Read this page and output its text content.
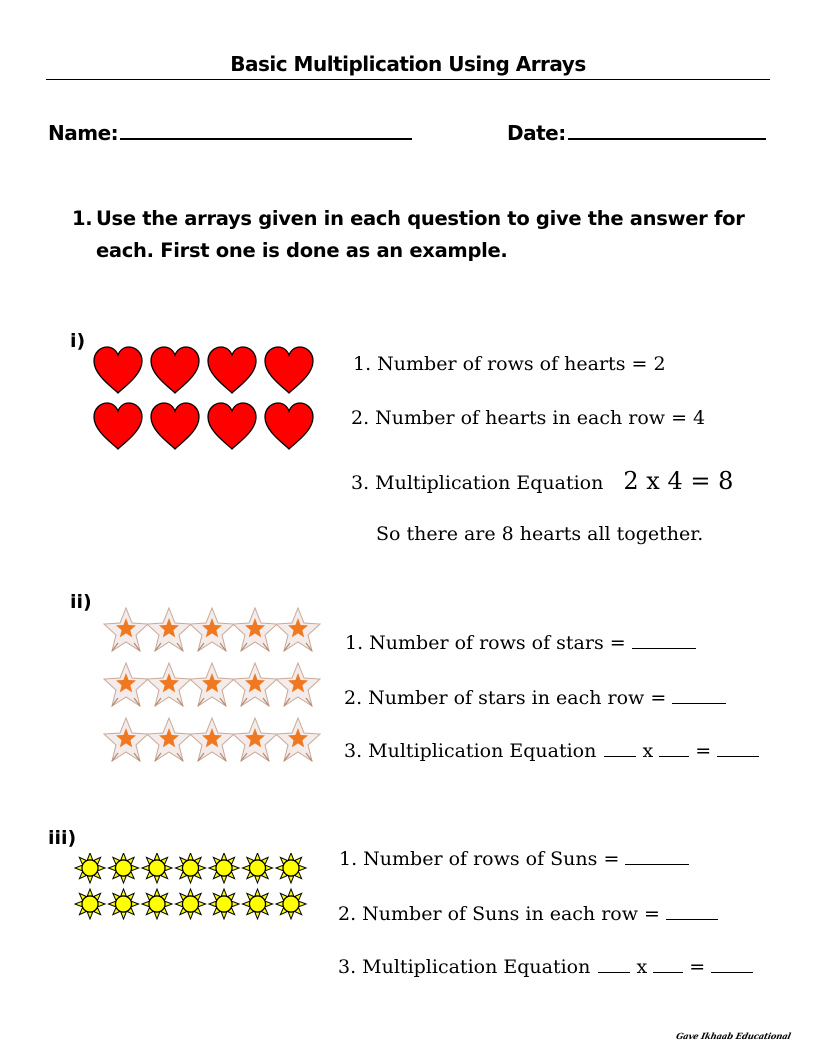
Basic Multiplication Using Arrays
Name:	Date:
1. Use the arrays given in each question to give the answer for each. First one is done as an example.
i)
1. Number of rows of hearts = 2
2. Number of hearts in each row = 4
3. Multiplication Equation 2 x 4 = 8
So there are 8 hearts all together.
ii)
1. Number of rows of stars =
2. Number of stars in each row =
3. Multiplication Equation x =
iii)
1. Number of rows of Suns =
2. Number of Suns in each row =
3. Multiplication Equation x =
Gave Ikhaab Educational
